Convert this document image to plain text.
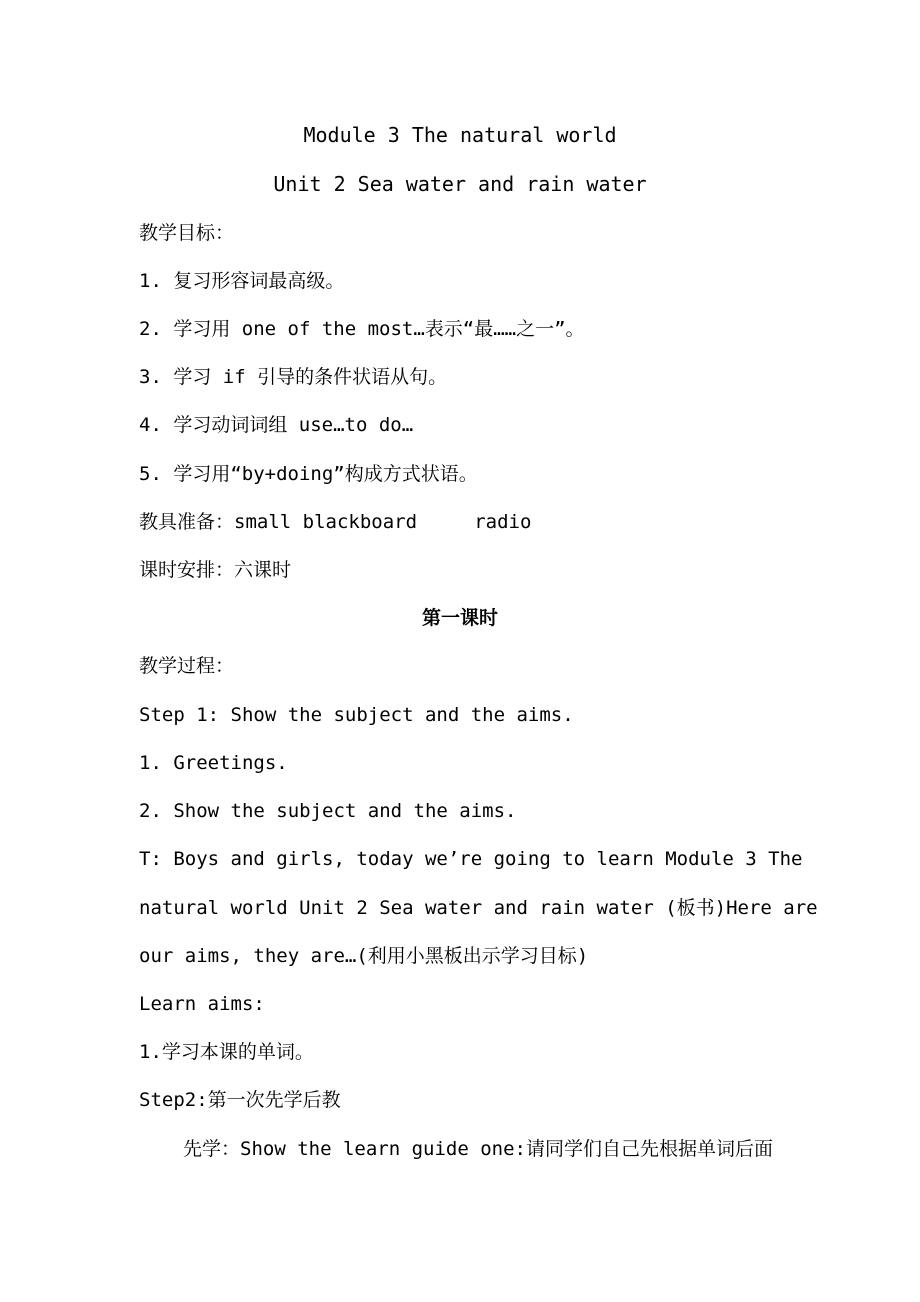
Module 3 The natural world
Unit 2 Sea water and rain water
教学目标：
1. 复习形容词最高级。
2. 学习用 one of the most…表示“最……之一”。
3. 学习 if 引导的条件状语从句。
4. 学习动词词组 use…to do…
5. 学习用“by+doing”构成方式状语。
教具准备：small blackboard     radio
课时安排：六课时
第一课时
教学过程：
Step 1: Show the subject and the aims.
1. Greetings.
2. Show the subject and the aims.
T: Boys and girls, today we’re going to learn Module 3 The
natural world Unit 2 Sea water and rain water (板书)Here are
our aims, they are…(利用小黑板出示学习目标)
Learn aims:
1.学习本课的单词。
Step2:第一次先学后教
先学：Show the learn guide one:请同学们自己先根据单词后面
